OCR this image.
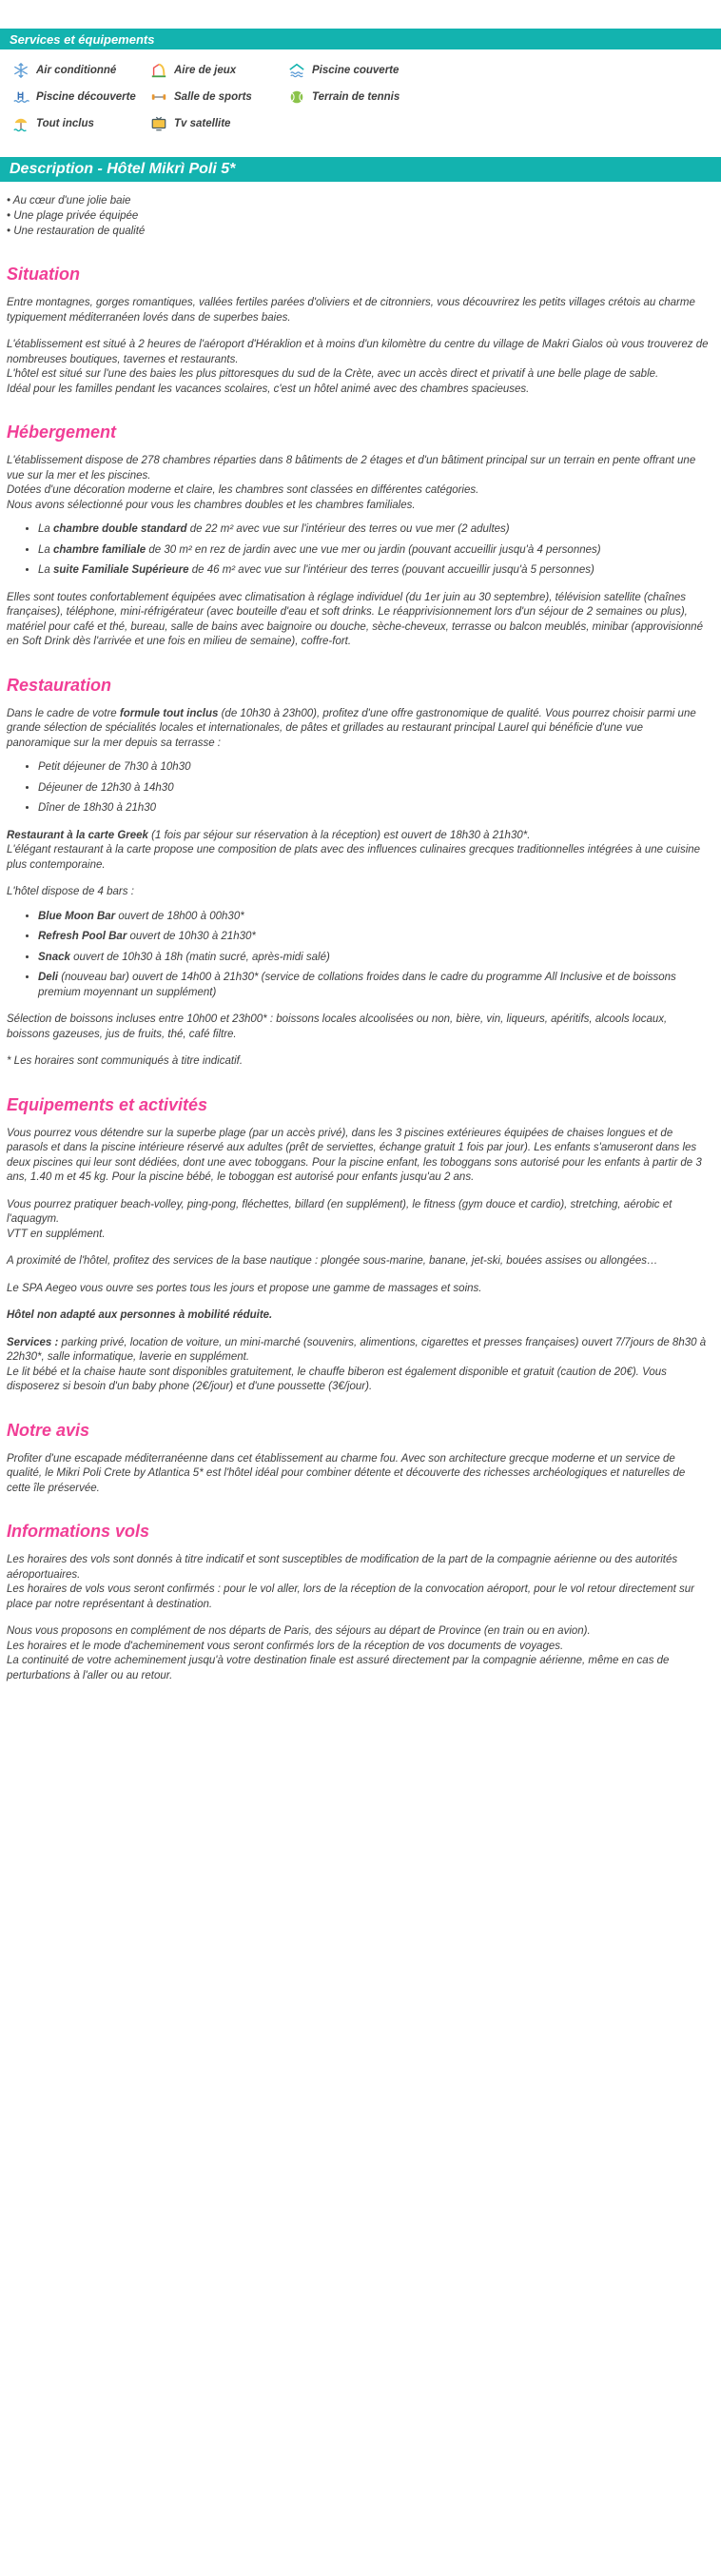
Services et équipements
Air conditionné	Aire de jeux	Piscine couverte
Piscine découverte	Salle de sports	Terrain de tennis
Tout inclus	Tv satellite
Description - Hôtel Mikrì Poli 5*
• Au cœur d'une jolie baie
• Une plage privée équipée
• Une restauration de qualité
Situation

Entre montagnes, gorges romantiques, vallées fertiles parées d'oliviers et de citronniers, vous découvrirez les petits villages crétois au charme typiquement méditerranéen lovés dans de superbes baies.

L'établissement est situé à 2 heures de l'aéroport d'Héraklion et à moins d'un kilomètre du centre du village de Makri Gialos où vous trouverez de nombreuses boutiques, tavernes et restaurants.

L'hôtel est situé sur l'une des baies les plus pittoresques du sud de la Crète, avec un accès direct et privatif à une belle plage de sable.

Idéal pour les familles pendant les vacances scolaires, c'est un hôtel animé avec des chambres spacieuses.

Hébergement

L'établissement dispose de 278 chambres réparties dans 8 bâtiments de 2 étages et d'un bâtiment principal sur un terrain en pente offrant une vue sur la mer et les piscines.

Dotées d'une décoration moderne et claire, les chambres sont classées en différentes catégories.

Nous avons sélectionné pour vous les chambres doubles et les chambres familiales.

• La chambre double standard de 22 m² avec vue sur l'intérieur des terres ou vue mer (2 adultes)
• La chambre familiale de 30 m² en rez de jardin avec une vue mer ou jardin (pouvant accueillir jusqu'à 4 personnes)
• La suite Familiale Supérieure de 46 m² avec vue sur l'intérieur des terres (pouvant accueillir jusqu'à 5 personnes)

Elles sont toutes confortablement équipées avec climatisation à réglage individuel (du 1er juin au 30 septembre), télévision satellite (chaînes françaises), téléphone, mini-réfrigérateur (avec bouteille d'eau et soft drinks. Le réapprivisionnement lors d'un séjour de 2 semaines ou plus), matériel pour café et thé, bureau, salle de bains avec baignoire ou douche, sèche-cheveux, terrasse ou balcon meublés, minibar (approvisionné en Soft Drink dès l'arrivée et une fois en milieu de semaine), coffre-fort.

Restauration

Dans le cadre de votre formule tout inclus (de 10h30 à 23h00), profitez d'une offre gastronomique de qualité. Vous pourrez choisir parmi une grande sélection de spécialités locales et internationales, de pâtes et grillades au restaurant principal Laurel qui bénéficie d'une vue panoramique sur la mer depuis sa terrasse :

• Petit déjeuner de 7h30 à 10h30
• Déjeuner de 12h30 à 14h30
• Dîner de 18h30 à 21h30

Restaurant à la carte Greek (1 fois par séjour sur réservation à la réception) est ouvert de 18h30 à 21h30*.

L'élégant restaurant à la carte propose une composition de plats avec des influences culinaires grecques traditionnelles intégrées à une cuisine plus contemporaine.

L'hôtel dispose de 4 bars :

• Blue Moon Bar ouvert de 18h00 à 00h30*
• Refresh Pool Bar ouvert de 10h30 à 21h30*
• Snack ouvert de 10h30 à 18h (matin sucré, après-midi salé)
• Deli (nouveau bar) ouvert de 14h00 à 21h30* (service de collations froides dans le cadre du programme All Inclusive et de boissons premium moyennant un supplément)

Sélection de boissons incluses entre 10h00 et 23h00* : boissons locales alcoolisées ou non, bière, vin, liqueurs, apéritifs, alcools locaux, boissons gazeuses, jus de fruits, thé, café filtre.

* Les horaires sont communiqués à titre indicatif.

Equipements et activités

Vous pourrez vous détendre sur la superbe plage (par un accès privé), dans les 3 piscines extérieures équipées de chaises longues et de parasols et dans la piscine intérieure réservé aux adultes (prêt de serviettes, échange gratuit 1 fois par jour). Les enfants s'amuseront dans les deux piscines qui leur sont dédiées, dont une avec toboggans. Pour la piscine enfant, les toboggans sons autorisé pour les enfants à partir de 3 ans, 1.40 m et 45 kg. Pour la piscine bébé, le toboggan est autorisé pour enfants jusqu'au 2 ans.

Vous pourrez pratiquer beach-volley, ping-pong, fléchettes, billard (en supplément), le fitness (gym douce et cardio), stretching, aérobic et l'aquagym.

VTT en supplément.

A proximité de l'hôtel, profitez des services de la base nautique : plongée sous-marine, banane, jet-ski, bouées assises ou allongées…

Le SPA Aegeo vous ouvre ses portes tous les jours et propose une gamme de massages et soins.

Hôtel non adapté aux personnes à mobilité réduite.

Services : parking privé, location de voiture, un mini-marché (souvenirs, alimentions, cigarettes et presses françaises) ouvert 7/7jours de 8h30 à 22h30*, salle informatique, laverie en supplément.

Le lit bébé et la chaise haute sont disponibles gratuitement, le chauffe biberon est également disponible et gratuit (caution de 20€). Vous disposerez si besoin d'un baby phone (2€/jour) et d'une poussette (3€/jour).

Notre avis

Profiter d'une escapade méditerranéenne dans cet établissement au charme fou. Avec son architecture grecque moderne et un service de qualité, le Mikri Poli Crete by Atlantica 5* est l'hôtel idéal pour combiner détente et découverte des richesses archéologiques et naturelles de cette île préservée.

Informations vols

Les horaires des vols sont donnés à titre indicatif et sont susceptibles de modification de la part de la compagnie aérienne ou des autorités aéroportuaires.

Les horaires de vols vous seront confirmés : pour le vol aller, lors de la réception de la convocation aéroport, pour le vol retour directement sur place par notre représentant à destination.

Nous vous proposons en complément de nos départs de Paris, des séjours au départ de Province (en train ou en avion).

Les horaires et le mode d'acheminement vous seront confirmés lors de la réception de vos documents de voyages.

La continuité de votre acheminement jusqu'à votre destination finale est assuré directement par la compagnie aérienne, même en cas de perturbations à l'aller ou au retour.
